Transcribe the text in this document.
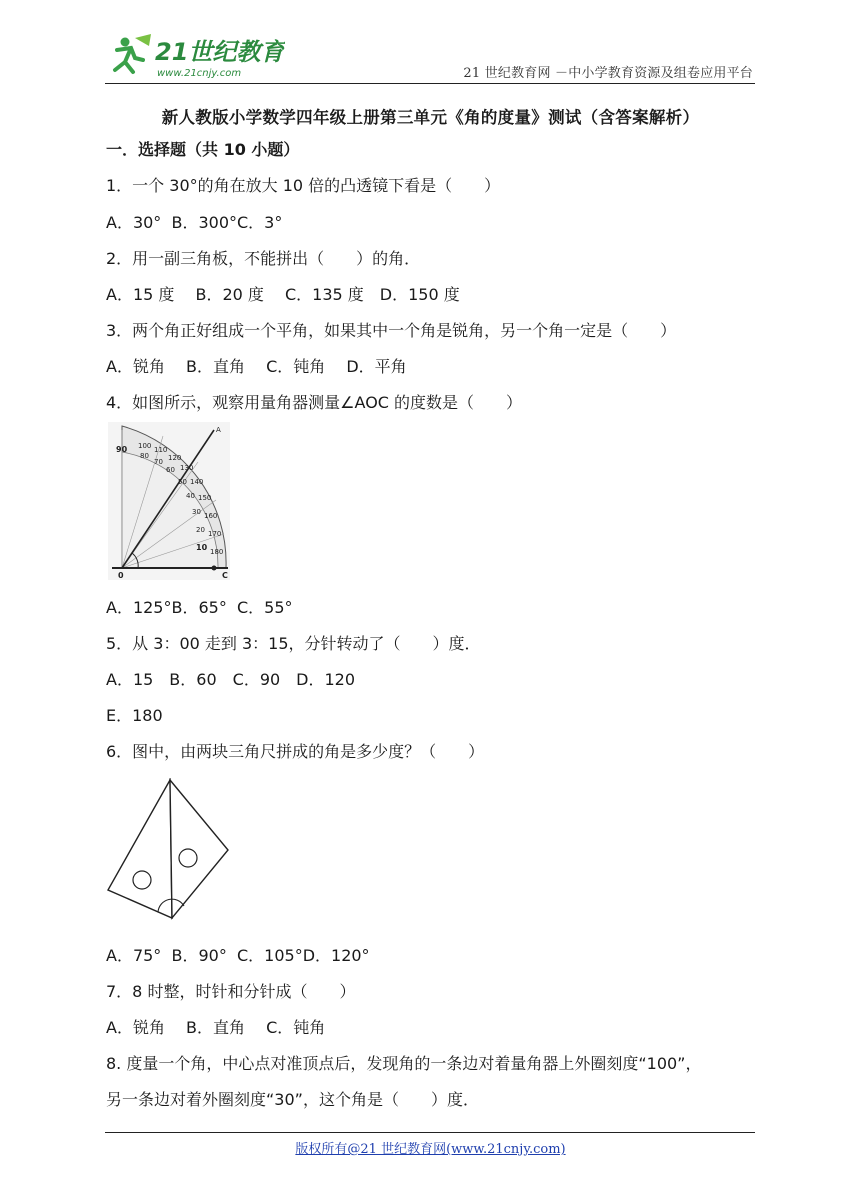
21世纪教育
www.21cnjy.com	21 世纪教育网 －中小学教育资源及组卷应用平台
新人教版小学数学四年级上册第三单元《角的度量》测试（含答案解析）
一．选择题（共 10 小题）
1．一个 30°的角在放大 10 倍的凸透镜下看是（　　）
A．30°  B．300°C．3°
2．用一副三角板，不能拼出（　　）的角．
A．15 度　 B．20 度　 C．135 度　D．150 度
3．两个角正好组成一个平角，如果其中一个角是锐角，另一个角一定是（　　）
A．锐角　 B．直角　 C．钝角　 D．平角
4．如图所示，观察用量角器测量∠AOC 的度数是（　　）
100 110
120
130
140
150
160
170
180
90
80
70
60
50
40
30
20
10
A
0	C
A．125°B．65°  C．55°
5．从 3：00 走到 3：15，分针转动了（　　）度．
A．15　B．60　C．90　D．120
E．180
6．图中，由两块三角尺拼成的角是多少度？（　　）
A．75°  B．90°  C．105°D．120°
7．8 时整，时针和分针成（　　）
A．锐角　 B．直角　 C．钝角
8. 度量一个角，中心点对准顶点后，发现角的一条边对着量角器上外圈刻度“100”，
另一条边对着外圈刻度“30”，这个角是（　　）度．
版权所有@21 世纪教育网(www.21cnjy.com)
